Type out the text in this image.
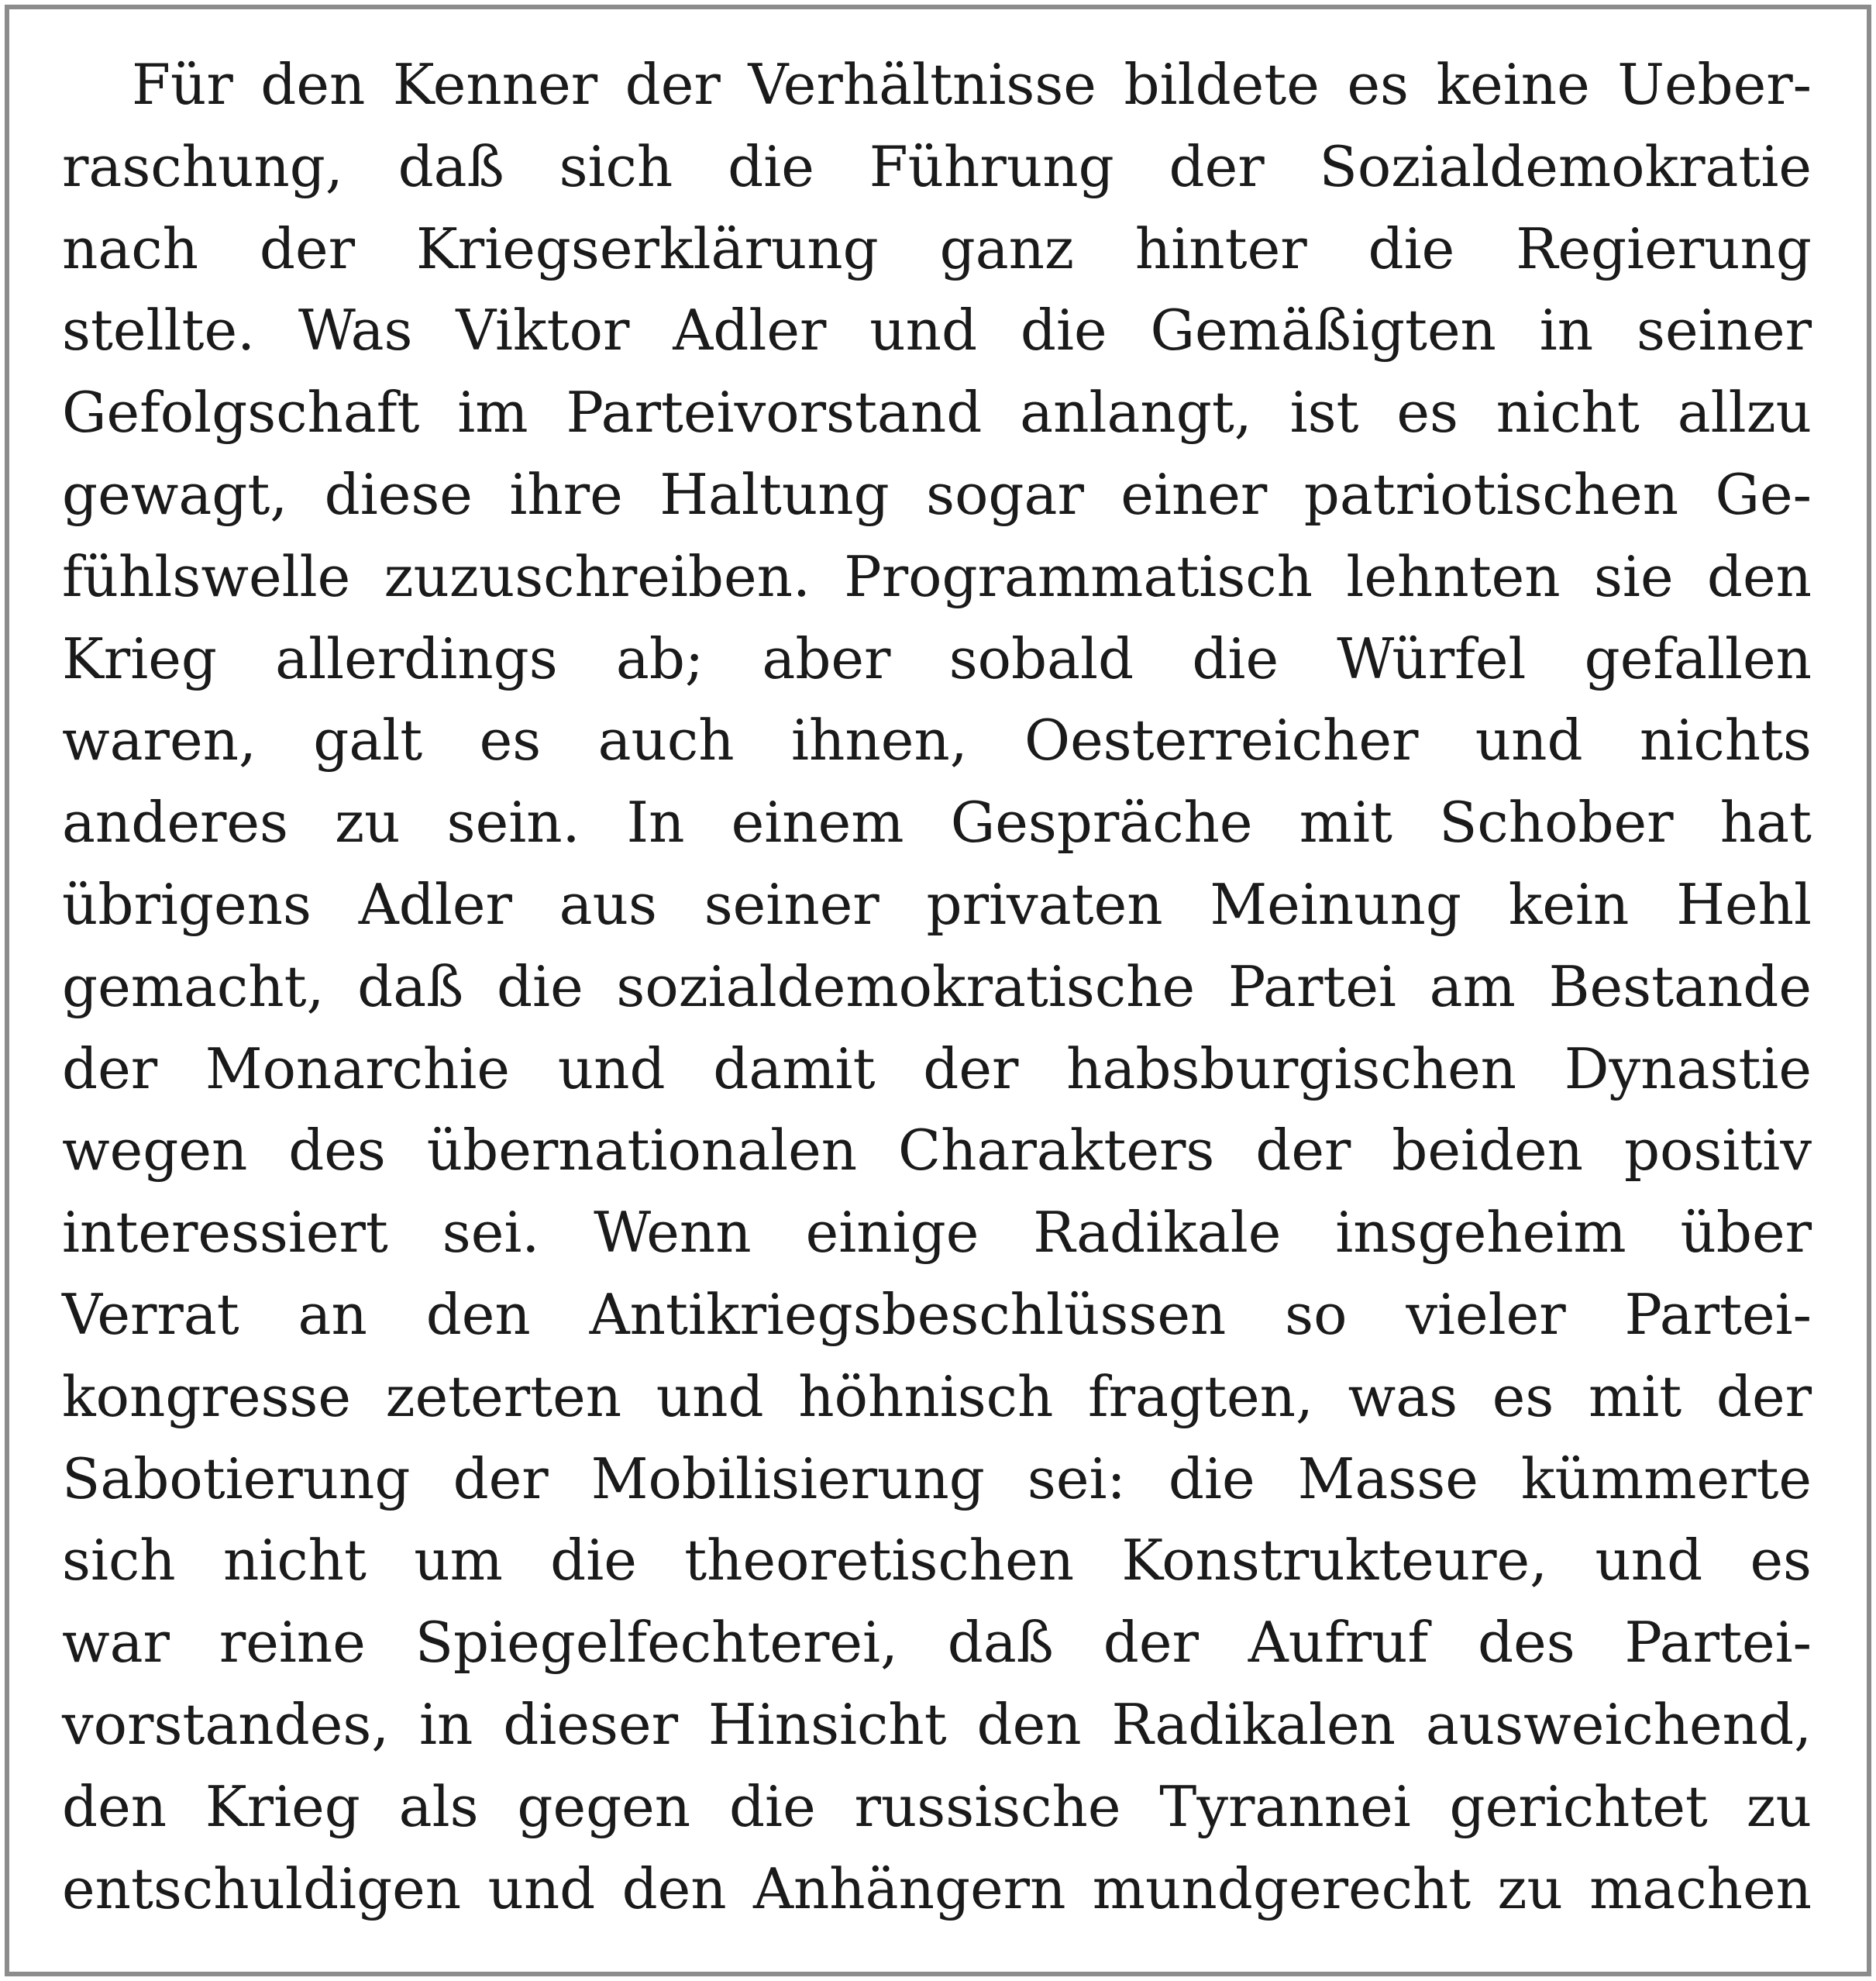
Für den Kenner der Verhältnisse bildete es keine Ueber-
raschung, daß sich die Führung der Sozialdemokratie
nach der Kriegserklärung ganz hinter die Regierung
stellte. Was Viktor Adler und die Gemäßigten in seiner
Gefolgschaft im Parteivorstand anlangt, ist es nicht allzu
gewagt, diese ihre Haltung sogar einer patriotischen Ge-
fühlswelle zuzuschreiben. Programmatisch lehnten sie den
Krieg allerdings ab; aber sobald die Würfel gefallen
waren, galt es auch ihnen, Oesterreicher und nichts
anderes zu sein. In einem Gespräche mit Schober hat
übrigens Adler aus seiner privaten Meinung kein Hehl
gemacht, daß die sozialdemokratische Partei am Bestande
der Monarchie und damit der habsburgischen Dynastie
wegen des übernationalen Charakters der beiden positiv
interessiert sei. Wenn einige Radikale insgeheim über
Verrat an den Antikriegsbeschlüssen so vieler Partei-
kongresse zeterten und höhnisch fragten, was es mit der
Sabotierung der Mobilisierung sei: die Masse kümmerte
sich nicht um die theoretischen Konstrukteure, und es
war reine Spiegelfechterei, daß der Aufruf des Partei-
vorstandes, in dieser Hinsicht den Radikalen ausweichend,
den Krieg als gegen die russische Tyrannei gerichtet zu
entschuldigen und den Anhängern mundgerecht zu machen
